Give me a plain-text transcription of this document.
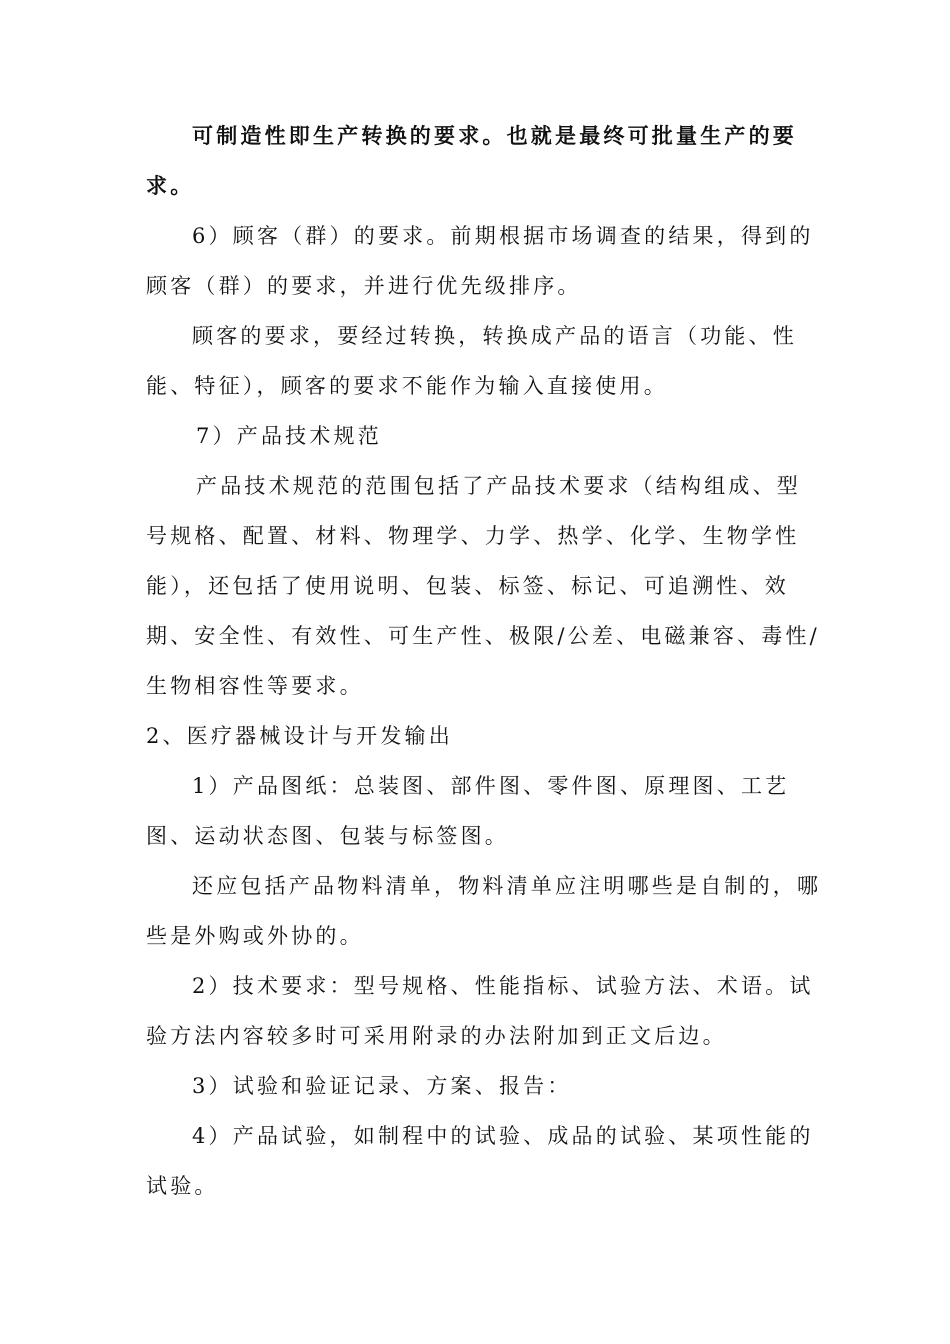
可制造性即生产转换的要求。也就是最终可批量生产的要
求。
6）顾客（群）的要求。前期根据市场调查的结果，得到的
顾客（群）的要求，并进行优先级排序。
顾客的要求，要经过转换，转换成产品的语言（功能、性
能、特征），顾客的要求不能作为输入直接使用。
7）产品技术规范
产品技术规范的范围包括了产品技术要求（结构组成、型
号规格、配置、材料、物理学、力学、热学、化学、生物学性
能），还包括了使用说明、包装、标签、标记、可追溯性、效
期、安全性、有效性、可生产性、极限/公差、电磁兼容、毒性/
生物相容性等要求。
2、医疗器械设计与开发输出
1）产品图纸：总装图、部件图、零件图、原理图、工艺
图、运动状态图、包装与标签图。
还应包括产品物料清单，物料清单应注明哪些是自制的，哪
些是外购或外协的。
2）技术要求：型号规格、性能指标、试验方法、术语。试
验方法内容较多时可采用附录的办法附加到正文后边。
3）试验和验证记录、方案、报告：
4）产品试验，如制程中的试验、成品的试验、某项性能的
试验。
